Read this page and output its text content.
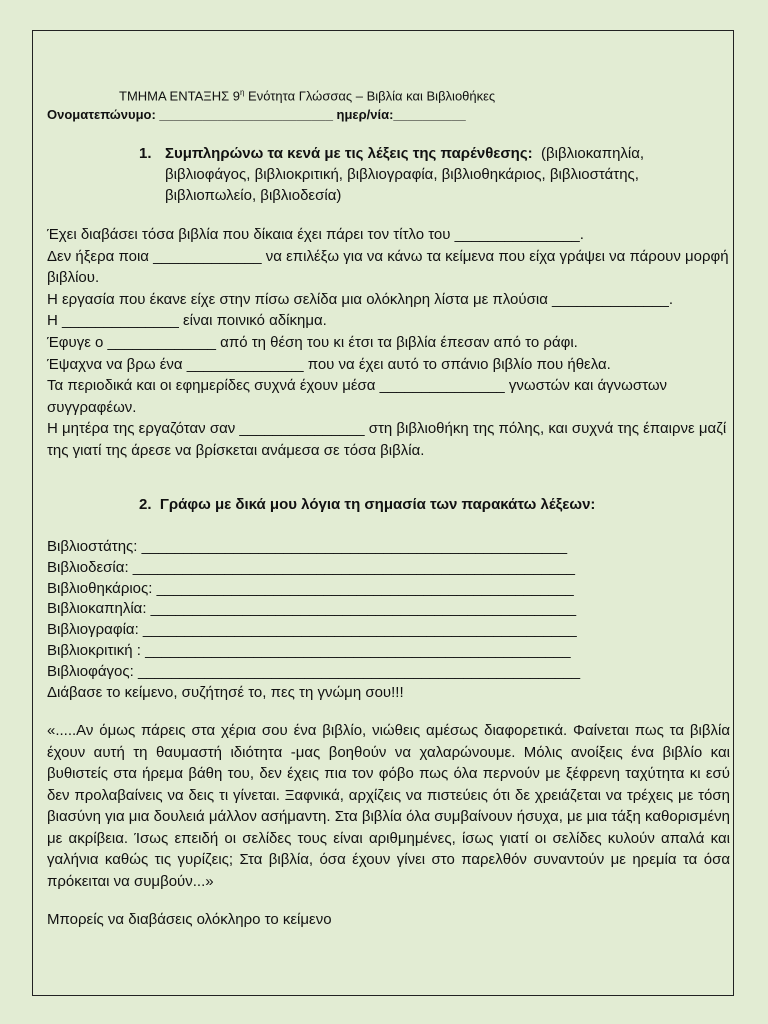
ΤΜΗΜΑ ΕΝΤΑΞΗΣ $9^\eta$ Ενότητα Γλώσσας – Βιβλία και Βιβλιοθήκες
Ονοματεπώνυμο: ________________________ ημερ/νία:__________
1. Συμπληρώνω τα κενά με τις λέξεις της παρένθεσης: (βιβλιοκαπηλία, βιβλιοφάγος, βιβλιοκριτική, βιβλιογραφία, βιβλιοθηκάριος, βιβλιοστάτης, βιβλιοπωλείο, βιβλιοδεσία)

Έχει διαβάσει τόσα βιβλία που δίκαια έχει πάρει τον τίτλο του _______________.

Δεν ήξερα ποια _____________ να επιλέξω για να κάνω τα κείμενα που είχα γράψει να πάρουν μορφή βιβλίου.

Η εργασία που έκανε είχε στην πίσω σελίδα μια ολόκληρη λίστα με πλούσια ______________.

Η ______________ είναι ποινικό αδίκημα.

Έφυγε ο _____________ από τη θέση του κι έτσι τα βιβλία έπεσαν από το ράφι.

Έψαχνα να βρω ένα ______________ που να έχει αυτό το σπάνιο βιβλίο που ήθελα.

Τα περιοδικά και οι εφημερίδες συχνά έχουν μέσα _______________ γνωστών και άγνωστων συγγραφέων.

Η μητέρα της εργαζόταν σαν _______________ στη βιβλιοθήκη της πόλης, και συχνά της έπαιρνε μαζί της γιατί της άρεσε να βρίσκεται ανάμεσα σε τόσα βιβλία.

2. Γράφω με δικά μου λόγια τη σημασία των παρακάτω λέξεων:

Βιβλιοστάτης: ___________________________________________________

Βιβλιοδεσία: _____________________________________________________

Βιβλιοθηκάριος: __________________________________________________

Βιβλιοκαπηλία: ___________________________________________________

Βιβλιογραφία: ____________________________________________________

Βιβλιοκριτική : ___________________________________________________

Βιβλιοφάγος: _____________________________________________________

Διάβασε το κείμενο, συζήτησέ το, πες τη γνώμη σου!!!

«.....Αν όμως πάρεις στα χέρια σου ένα βιβλίο, νιώθεις αμέσως διαφορετικά. Φαίνεται πως τα βιβλία έχουν αυτή τη θαυμαστή ιδιότητα -μας βοηθούν να χαλαρώνουμε. Μόλις ανοίξεις ένα βιβλίο και βυθιστείς στα ήρεμα βάθη του, δεν έχεις πια τον φόβο πως όλα περνούν με ξέφρενη ταχύτητα κι εσύ δεν προλαβαίνεις να δεις τι γίνεται. Ξαφνικά, αρχίζεις να πιστεύεις ότι δε χρειάζεται να τρέχεις με τόση βιασύνη για μια δουλειά μάλλον ασήμαντη. Στα βιβλία όλα συμβαίνουν ήσυχα, με μια τάξη καθορισμένη με ακρίβεια. Ίσως επειδή οι σελίδες τους είναι αριθμημένες, ίσως γιατί οι σελίδες κυλούν απαλά και γαλήνια καθώς τις γυρίζεις; Στα βιβλία, όσα έχουν γίνει στο παρελθόν συναντούν με ηρεμία τα όσα πρόκειται να συμβούν...»

Μπορείς να διαβάσεις ολόκληρο το κείμενο
